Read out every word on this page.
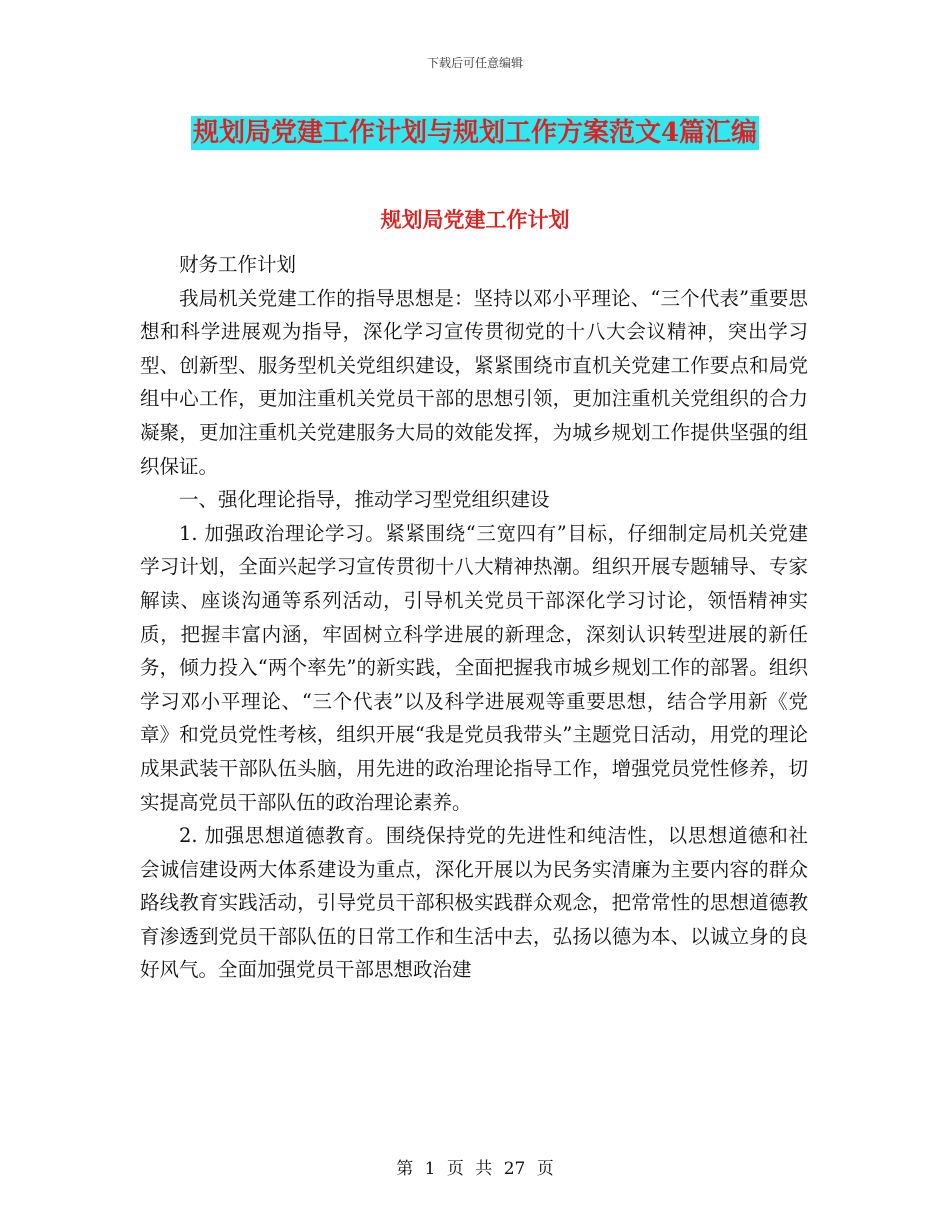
下载后可任意编辑
规划局党建工作计划与规划工作方案范文4篇汇编
规划局党建工作计划

财务工作计划

我局机关党建工作的指导思想是：坚持以邓小平理论、“三个代表”重要思想和科学进展观为指导，深化学习宣传贯彻党的十八大会议精神，突出学习型、创新型、服务型机关党组织建设，紧紧围绕市直机关党建工作要点和局党组中心工作，更加注重机关党员干部的思想引领，更加注重机关党组织的合力凝聚，更加注重机关党建服务大局的效能发挥，为城乡规划工作提供坚强的组织保证。

一、强化理论指导，推动学习型党组织建设

1. 加强政治理论学习。紧紧围绕“三宽四有”目标，仔细制定局机关党建学习计划，全面兴起学习宣传贯彻十八大精神热潮。组织开展专题辅导、专家解读、座谈沟通等系列活动，引导机关党员干部深化学习讨论，领悟精神实质，把握丰富内涵，牢固树立科学进展的新理念，深刻认识转型进展的新任务，倾力投入“两个率先”的新实践，全面把握我市城乡规划工作的部署。组织学习邓小平理论、“三个代表”以及科学进展观等重要思想，结合学用新《党章》和党员党性考核，组织开展“我是党员我带头”主题党日活动，用党的理论成果武装干部队伍头脑，用先进的政治理论指导工作，增强党员党性修养，切实提高党员干部队伍的政治理论素养。

2. 加强思想道德教育。围绕保持党的先进性和纯洁性，以思想道德和社会诚信建设两大体系建设为重点，深化开展以为民务实清廉为主要内容的群众路线教育实践活动，引导党员干部积极实践群众观念，把常常性的思想道德教育渗透到党员干部队伍的日常工作和生活中去，弘扬以德为本、以诚立身的良好风气。全面加强党员干部思想政治建

第 1 页 共 27 页
